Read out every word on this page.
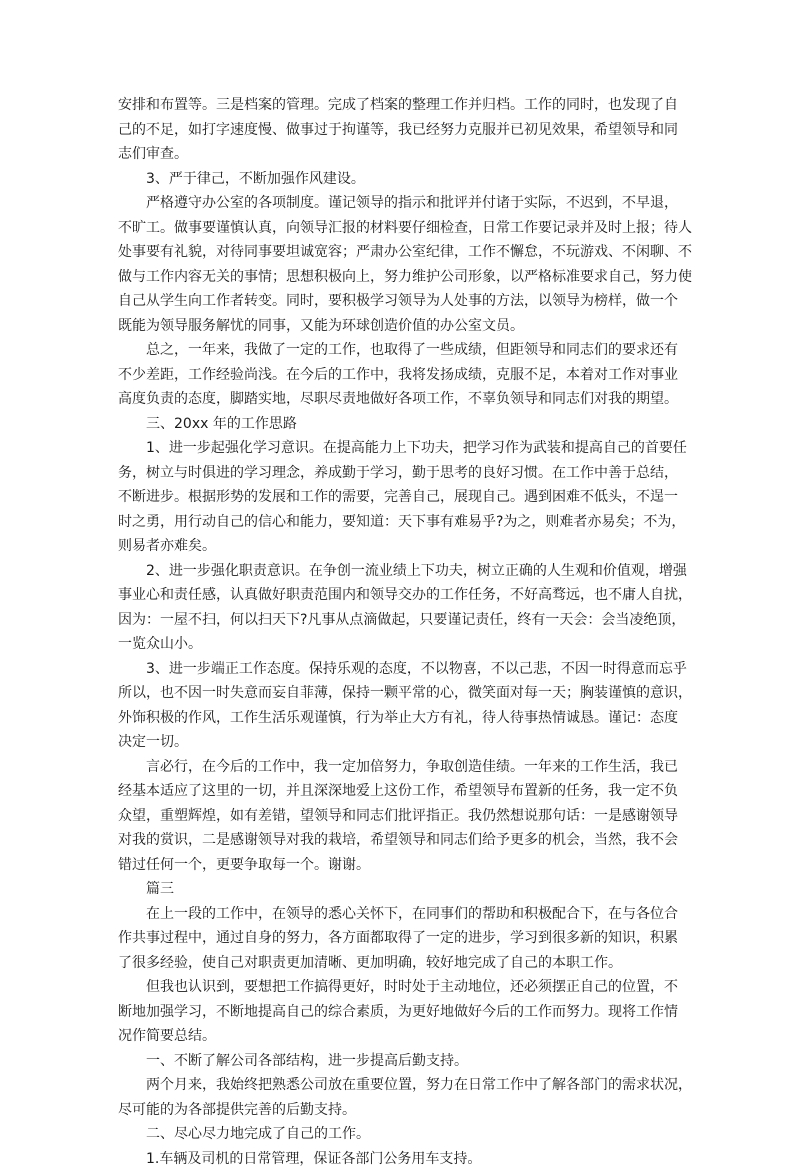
安排和布置等。三是档案的管理。完成了档案的整理工作并归档。工作的同时，也发现了自
己的不足，如打字速度慢、做事过于拘谨等，我已经努力克服并已初见效果，希望领导和同
志们审查。

3、严于律己，不断加强作风建设。

严格遵守办公室的各项制度。谨记领导的指示和批评并付诸于实际，不迟到，不早退，
不旷工。做事要谨慎认真，向领导汇报的材料要仔细检查，日常工作要记录并及时上报；待人
处事要有礼貌，对待同事要坦诚宽容；严肃办公室纪律，工作不懈怠，不玩游戏、不闲聊、不
做与工作内容无关的事情；思想积极向上，努力维护公司形象，以严格标准要求自己，努力使
自己从学生向工作者转变。同时，要积极学习领导为人处事的方法，以领导为榜样，做一个
既能为领导服务解忧的同事，又能为环球创造价值的办公室文员。

总之，一年来，我做了一定的工作，也取得了一些成绩，但距领导和同志们的要求还有
不少差距，工作经验尚浅。在今后的工作中，我将发扬成绩，克服不足，本着对工作对事业
高度负责的态度，脚踏实地，尽职尽责地做好各项工作，不辜负领导和同志们对我的期望。

三、20xx 年的工作思路

1、进一步起强化学习意识。在提高能力上下功夫，把学习作为武装和提高自己的首要任
务，树立与时俱进的学习理念，养成勤于学习，勤于思考的良好习惯。在工作中善于总结，
不断进步。根据形势的发展和工作的需要，完善自己，展现自己。遇到困难不低头，不逞一
时之勇，用行动自己的信心和能力，要知道：天下事有难易乎?为之，则难者亦易矣；不为，
则易者亦难矣。

2、进一步强化职责意识。在争创一流业绩上下功夫，树立正确的人生观和价值观，增强
事业心和责任感，认真做好职责范围内和领导交办的工作任务，不好高骛远，也不庸人自扰，
因为：一屋不扫，何以扫天下?凡事从点滴做起，只要谨记责任，终有一天会：会当凌绝顶，
一览众山小。

3、进一步端正工作态度。保持乐观的态度，不以物喜，不以己悲，不因一时得意而忘乎
所以，也不因一时失意而妄自菲薄，保持一颗平常的心，微笑面对每一天；胸装谨慎的意识，
外饰积极的作风，工作生活乐观谨慎，行为举止大方有礼，待人待事热情诚恳。谨记：态度
决定一切。

言必行，在今后的工作中，我一定加倍努力，争取创造佳绩。一年来的工作生活，我已
经基本适应了这里的一切，并且深深地爱上这份工作，希望领导布置新的任务，我一定不负
众望，重塑辉煌，如有差错，望领导和同志们批评指正。我仍然想说那句话：一是感谢领导
对我的赏识，二是感谢领导对我的栽培，希望领导和同志们给予更多的机会，当然，我不会
错过任何一个，更要争取每一个。谢谢。

篇三

在上一段的工作中，在领导的悉心关怀下，在同事们的帮助和积极配合下，在与各位合
作共事过程中，通过自身的努力，各方面都取得了一定的进步，学习到很多新的知识，积累
了很多经验，使自己对职责更加清晰、更加明确，较好地完成了自己的本职工作。

但我也认识到，要想把工作搞得更好，时时处于主动地位，还必须摆正自己的位置，不
断地加强学习，不断地提高自己的综合素质，为更好地做好今后的工作而努力。现将工作情
况作简要总结。

一、不断了解公司各部结构，进一步提高后勤支持。

两个月来，我始终把熟悉公司放在重要位置，努力在日常工作中了解各部门的需求状况，
尽可能的为各部提供完善的后勤支持。

二、尽心尽力地完成了自己的工作。

1.车辆及司机的日常管理，保证各部门公务用车支持。
